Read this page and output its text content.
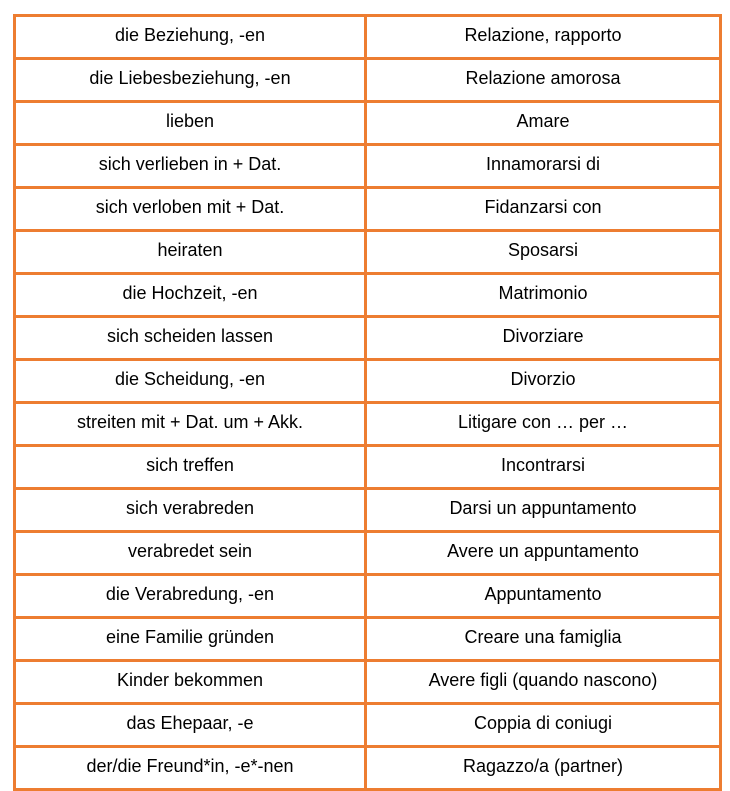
die Beziehung, -en	Relazione, rapporto
die Liebesbeziehung, -en	Relazione amorosa
lieben	Amare
sich verlieben in + Dat.	Innamorarsi di
sich verloben mit + Dat.	Fidanzarsi con
heiraten	Sposarsi
die Hochzeit, -en	Matrimonio
sich scheiden lassen	Divorziare
die Scheidung, -en	Divorzio
streiten mit + Dat. um + Akk.	Litigare con … per …
sich treffen	Incontrarsi
sich verabreden	Darsi un appuntamento
verabredet sein	Avere un appuntamento
die Verabredung, -en	Appuntamento
eine Familie gründen	Creare una famiglia
Kinder bekommen	Avere figli (quando nascono)
das Ehepaar, -e	Coppia di coniugi
der/die Freund*in, -e*-nen	Ragazzo/a (partner)
